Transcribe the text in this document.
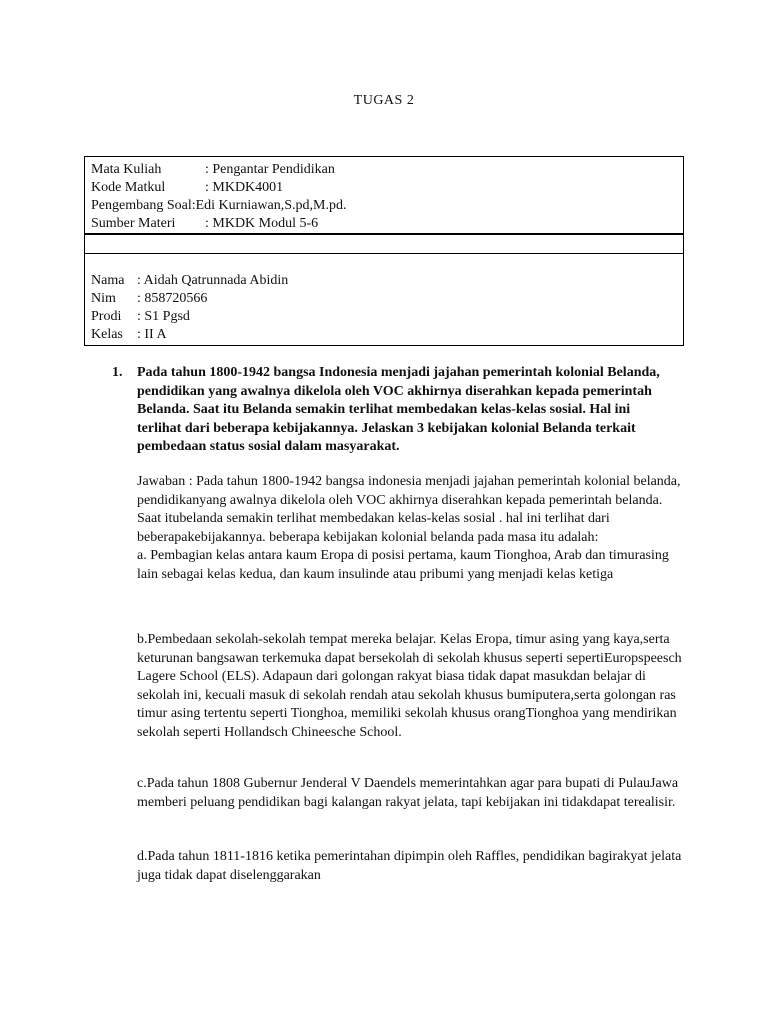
TUGAS 2
Mata Kuliah	: Pengantar Pendidikan
Kode Matkul	: MKDK4001
Pengembang Soal :Edi Kurniawan,S.pd,M.pd.
Sumber Materi	: MKDK Modul 5-6
Nama : Aidah Qatrunnada Abidin
Nim	: 858720566
Prodi	: S1 Pgsd
Kelas	: II A
1. Pada tahun 1800-1942 bangsa Indonesia menjadi jajahan pemerintah kolonial Belanda, pendidikan yang awalnya dikelola oleh VOC akhirnya diserahkan kepada pemerintah Belanda. Saat itu Belanda semakin terlihat membedakan kelas-kelas sosial. Hal ini terlihat dari beberapa kebijakannya. Jelaskan 3 kebijakan kolonial Belanda terkait pembedaan status sosial dalam masyarakat.

Jawaban : Pada tahun 1800-1942 bangsa indonesia menjadi jajahan pemerintah kolonial belanda, pendidikanyang awalnya dikelola oleh VOC akhirnya diserahkan kepada pemerintah belanda. Saat itubelanda semakin terlihat membedakan kelas-kelas sosial . hal ini terlihat dari beberapakebijakannya. beberapa kebijakan kolonial belanda pada masa itu adalah:

a. Pembagian kelas antara kaum Eropa di posisi pertama, kaum Tionghoa, Arab dan timurasing lain sebagai kelas kedua, dan kaum insulinde atau pribumi yang menjadi kelas ketiga

b.Pembedaan sekolah-sekolah tempat mereka belajar. Kelas Eropa, timur asing yang kaya,serta keturunan bangsawan terkemuka dapat bersekolah di sekolah khusus seperti sepertiEuropspeesch Lagere School (ELS). Adapaun dari golongan rakyat biasa tidak dapat masukdan belajar di sekolah ini, kecuali masuk di sekolah rendah atau sekolah khusus bumiputera,serta golongan ras timur asing tertentu seperti Tionghoa, memiliki sekolah khusus orangTionghoa yang mendirikan sekolah seperti Hollandsch Chineesche School.

c.Pada tahun 1808 Gubernur Jenderal V Daendels memerintahkan agar para bupati di PulauJawa memberi peluang pendidikan bagi kalangan rakyat jelata, tapi kebijakan ini tidakdapat terealisir.

d.Pada tahun 1811-1816 ketika pemerintahan dipimpin oleh Raffles, pendidikan bagirakyat jelata juga tidak dapat diselenggarakan
